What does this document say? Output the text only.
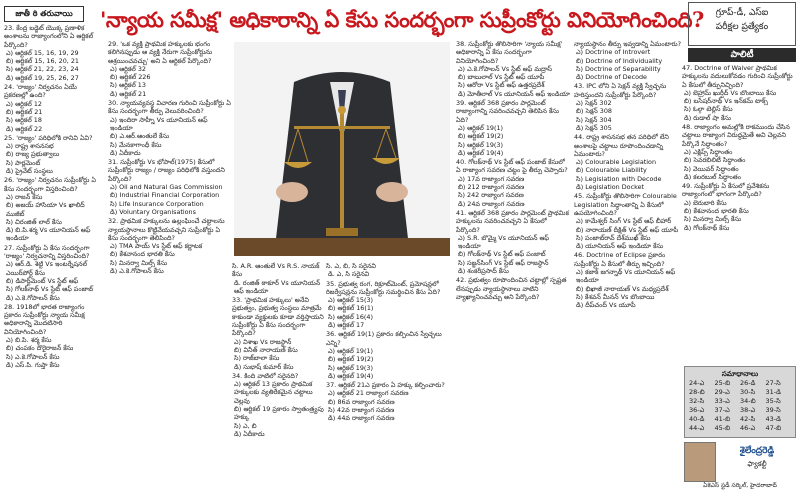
జాతీ ఠి తరువాయి	'న్యాయ సమీక్ష' అధికారాన్ని ఏ కేసు సందర్భంగా సుప్రీంకోర్టు వినియోగించింది?	గ్రూప్-డీ, ఎస్ఐ
పరీక్షల ప్రత్యేకం
పాలిటీ
23. కేంద్ర బడ్జెట్ యొక్క ప్రణాళిక అంశాలను రాజ్యాంగంలోని ఏ ఆర్టికల్ పేర్కొంది?
ఎ) ఆర్టికల్ 15, 16, 19, 29
బి) ఆర్టికల్ 15, 16, 20, 21
సి) ఆర్టికల్ 21, 22, 23, 24
డి) ఆర్టికల్ 19, 25, 26, 27
24. 'రాజ్యం' నిర్వచనం ఏయే ప్రకరణల్లో ఉంది?
ఎ) ఆర్టికల్ 12
బి) ఆర్టికల్ 21
సి) ఆర్టికల్ 18
డి) ఆర్టికల్ 22
25. 'రాజ్యం' పరిధిలోకి రానివి ఏవి?
ఎ) రాష్ట్ర శాసనసభ
బి) రాజ్య ప్రభుత్వాలు
సి) పార్లమెంట్
డి) ప్రైవేట్ సంస్థలు
26. 'రాజ్యం' నిర్వచనం సుప్రీంకోర్టు ఏ కేసు సందర్భంగా విస్తరించింది?
ఎ) రాజన్ కేసు
బి) అజయ్ హాసియా Vs ఖాలిద్ ముజీబ్
సి) చిరంజిత్ లాల్ కేసు
డి) బి.పి.శర్మ Vs యూనియన్ ఆఫ్ ఇండియా
27. సుప్రీంకోర్టు ఏ కేసు సందర్భంగా 'రాజ్యం' నిర్వచనాన్ని విస్తరించింది?
ఎ) ఆర్.డి. శెట్టి Vs ఇంటర్నేషనల్ ఎయిర్‌పోర్ట్ కేసు
బి) డిపార్ట్‌మెంట్ Vs స్టేట్ ఆఫ్
సి) గోలక్‌నాథ్ Vs స్టేట్ ఆఫ్ పంజాబ్
డి) ఎ.కె.గోపాలన్ కేసు
28. 1918లో భారత రాజ్యాంగం ప్రకారం సుప్రీంకోర్టు న్యాయ సమీక్ష అధికారాన్ని మొదటిసారి వినియోగించింది?
ఎ) బి.పి. శర్మ కేసు
బి) చంపకం దొరైరాజన్ కేసు
సి) ఎ.కె.గోపాలన్ కేసు
డి) ఎస్.పి. గుప్తా కేసు
29. 'ఒక వ్యక్తి ప్రాథమిక హక్కులకు భంగం కలిగినప్పుడు ఆ వ్యక్తి నేరుగా సుప్రీంకోర్టును ఆశ్రయించవచ్చు' అని ఏ ఆర్టికల్ పేర్కొంది?
ఎ) ఆర్టికల్ 32
బి) ఆర్టికల్ 226
సి) ఆర్టికల్ 13
డి) ఆర్టికల్ 21
30. న్యాయవ్యవస్థ విచారణ గురించి సుప్రీంకోర్టు ఏ కేసు సందర్భంగా తీర్పు వెలువరించింది?
ఎ) ఇందిరా సాహ్నీ Vs యూనియన్ ఆఫ్ ఇండియా
బి) ఎ.ఆర్.ఆంతులే కేసు
సి) మేనకాగాంధీ కేసు
డి) ఏదీకాదు
31. సుప్రీంకోర్టు Vs భోపాల్(1975) కేసులో సుప్రీంకోర్టు రాజ్యం / రాజ్యం పరిధిలోకి వస్తుందని పేర్కొంది?
ఎ) Oil and Natural Gas Commission
బి) Industrial Financial Corporation
సి) Life Insurance Corporation
డి) Voluntary Organisations
32. ప్రాథమిక హక్కులను ఉల్లంఘించే చట్టాలను న్యాయస్థానాలు కొట్టివేయవచ్చని సుప్రీంకోర్టు ఏ కేసు సందర్భంగా తెలిపింది?
ఎ) TMA పాయ్ Vs స్టేట్ ఆఫ్ కర్ణాటక
బి) కేశవానంద భారతి కేసు
సి) మినర్వా మిల్స్ కేసు
డి) ఎ.కె.గోపాలన్ కేసు
సి. A.R. ఆంతులే Vs R.S. నాయక్ కేసు
డి. రంజిత్ ఠాకూర్ Vs యూనియన్ ఆఫ్ ఇండియా
33. 'ప్రాథమిక హక్కులు' అనేవి ప్రభుత్వం, ప్రభుత్వ సంస్థలు మాత్రమే కాకుండా వ్యక్తులకు కూడా వర్తిస్తాయని సుప్రీంకోర్టు ఏ కేసు సందర్భంగా పేర్కొంది?
ఎ) విశాఖ Vs రాజస్థాన్
బి) వినీత్ నారాయణ్ కేసు
సి) రాజ్‌బాలా కేసు
డి) సుభాష్ కుమార్ కేసు
34. కింది వాటిలో సరైనది?
ఎ) ఆర్టికల్ 13 ప్రకారం ప్రాథమిక హక్కులకు వ్యతిరేకమైన చట్టాలు చెల్లవు
బి) ఆర్టికల్ 19 ప్రకారం స్వాతంత్ర్యపు హక్కు
సి) ఎ, బి
డి) ఏదీకాదు
సి. ఎ, బి, సి సరైనవి
డి. ఎ, సి సరైనవి
35. ప్రభుత్వ రంగ, రిక్రూట్‌మెంట్, ప్రమోషన్లలో రిజర్వేషన్లను సుప్రీంకోర్టు సమర్థించిన కేసు ఏది?
ఎ) ఆర్టికల్ 15(3)
బి) ఆర్టికల్ 16(1)
సి) ఆర్టికల్ 16(4)
డి) ఆర్టికల్ 17
36. ఆర్టికల్ 19(1) ప్రకారం కల్పించిన స్వేచ్ఛలు ఎన్ని?
ఎ) ఆర్టికల్ 19(1)
బి) ఆర్టికల్ 19(2)
సి) ఆర్టికల్ 19(3)
డి) ఆర్టికల్ 19(4)
37. ఆర్టికల్ 21ఎ ప్రకారం ఏ హక్కు కల్పించారు?
ఎ) ఆర్టికల్ 21 రాజ్యాంగ సవరణ
బి) 86వ రాజ్యాంగ సవరణ
సి) 42వ రాజ్యాంగ సవరణ
డి) 44వ రాజ్యాంగ సవరణ
38. సుప్రీంకోర్టు తొలిసారిగా 'న్యాయ సమీక్ష' అధికారాన్ని ఏ కేసు సందర్భంగా వినియోగించింది?
ఎ) ఎ.కె.గోపాలన్ Vs స్టేట్ ఆఫ్ మద్రాస్
బి) బాబులాల్ Vs స్టేట్ ఆఫ్ యూపీ
సి) ఆరోరా Vs స్టేట్ ఆఫ్ ఉత్తరప్రదేశ్
డి) మోతీలాల్ Vs యూనియన్ ఆఫ్ ఇండియా
39. ఆర్టికల్ 368 ప్రకారం పార్లమెంట్ రాజ్యాంగాన్ని సవరించవచ్చని తెలిపిన కేసు ఏది?
ఎ) ఆర్టికల్ 19(1)
బి) ఆర్టికల్ 19(2)
సి) ఆర్టికల్ 19(3)
డి) ఆర్టికల్ 19(4)
40. గోలక్‌నాథ్ Vs స్టేట్ ఆఫ్ పంజాబ్ కేసులో ఏ రాజ్యాంగ సవరణ చట్టం పై తీర్పు చెప్పారు?
ఎ) 17వ రాజ్యాంగ సవరణ
బి) 212 రాజ్యాంగ సవరణ
సి) 242 రాజ్యాంగ సవరణ
డి) 24వ రాజ్యాంగ సవరణ
41. ఆర్టికల్ 368 ప్రకారం పార్లమెంట్ ప్రాథమిక హక్కులను సవరించవచ్చని ఏ కేసులో పేర్కొంది?
ఎ) S.R. బొమ్మై Vs యూనియన్ ఆఫ్ ఇండియా
బి) గోలక్‌నాథ్ Vs స్టేట్ ఆఫ్ పంజాబ్
సి) సజ్జన్‌సింగ్ Vs స్టేట్ ఆఫ్ రాజస్థాన్
డి) శంకరీప్రసాద్ కేసు
42. ప్రభుత్వం రూపొందించిన చట్టాల్లో స్పష్టత లేనప్పుడు న్యాయస్థానాలు వాటిని వ్యాఖ్యానించవచ్చు అని పేర్కొంది?
న్యాయస్థానం తీర్పు ఇవ్వడాన్ని ఏమంటారు?
ఎ) Doctrine of Introvert
బి) Doctrine of Individuality
సి) Doctrine of Separability
డి) Doctrine of Decode
43. IPC లోని ఏ సెక్షన్ వ్యక్తి స్వేచ్ఛను హరిస్తుందని సుప్రీంకోర్టు పేర్కొంది?
ఎ) సెక్షన్ 302
బి) సెక్షన్ 308
సి) సెక్షన్ 304
డి) సెక్షన్ 305
44. రాష్ట్ర శాసనసభ తన పరిధిలో లేని అంశాలపై చట్టాలు రూపొందించడాన్ని ఏమంటారు?
ఎ) Colourable Legislation
బి) Colourable Liability
సి) Legislation with Decode
డి) Legislation Docket
45. సుప్రీంకోర్టు తొలిసారిగా Colourable Legislation సిద్ధాంతాన్ని ఏ కేసులో ఉపయోగించింది?
ఎ) కామేశ్వర్ సింగ్ Vs స్టేట్ ఆఫ్ బీహార్
బి) నారాయణ్ దీక్షిత్ Vs స్టేట్ ఆఫ్ యూపీ
సి) పంజాబ్‌రావ్ దేశ్‌ముఖ్ కేసు
డి) యూనియన్ ఆఫ్ ఇండియా కేసు
46. Doctrine of Eclipse ప్రకారం సుప్రీంకోర్టు ఏ కేసులో తీర్పు ఇచ్చింది?
ఎ) కజాక్ జగన్నాథ్ Vs యూనియన్ ఆఫ్ ఇండియా
బి) భిఖాజీ నారాయణ్ Vs మధ్యప్రదేశ్
సి) కేశవన్ మీనన్ Vs బొంబాయి
డి) దీప్‌చంద్ Vs యూపీ
47. Doctrine of Waiver ప్రాథమిక హక్కులను వదులుకోవడం గురించి సుప్రీంకోర్టు ఏ కేసులో తీర్పునిచ్చింది?
ఎ) బెహ్రామ్ ఖుర్షీద్ Vs బొంబాయి కేసు
బి) బసేషర్‌నాథ్ Vs ఇన్‌కమ్ టాక్స్
సి) ఓల్గా టెల్లిస్ కేసు
డి) రుడాల్ షా కేసు
48. రాజ్యాంగం అమల్లోకి రాకముందు చేసిన చట్టాలు రాజ్యాంగ విరుద్ధమైతే అవి చెల్లవని పేర్కొనే సిద్ధాంతం?
ఎ) ఎక్లిప్స్ సిద్ధాంతం
బి) సెవరబిలిటీ సిద్ధాంతం
సి) వెయివర్ సిద్ధాంతం
డి) కలరబుల్ సిద్ధాంతం
49. సుప్రీంకోర్టు ఏ కేసులో ప్రవేశికను రాజ్యాంగంలో భాగంగా పేర్కొంది?
ఎ) బెరుబారి కేసు
బి) కేశవానంద భారతి కేసు
సి) మినర్వా మిల్స్ కేసు
డి) గోలక్‌నాథ్ కేసు
సమాధానాలు
24-ఎ	25-బి	26-డి	27-సి
28-బి	29-ఎ	30-సి	31-డి
32-సి	33-ఎ	34-బి	35-సి
36-ఎ	37-ఎ	38-ఎ	39-సి
40-డి	41-బి	42-సి	43-డి
44-ఎ	45-బి	46-ఎ	47-బి
శైలేంద్రరెడ్డి
ఫ్యాకల్టీ
ఏకెఎస్ స్టడీ సర్కిల్, హైదరాబాద్
